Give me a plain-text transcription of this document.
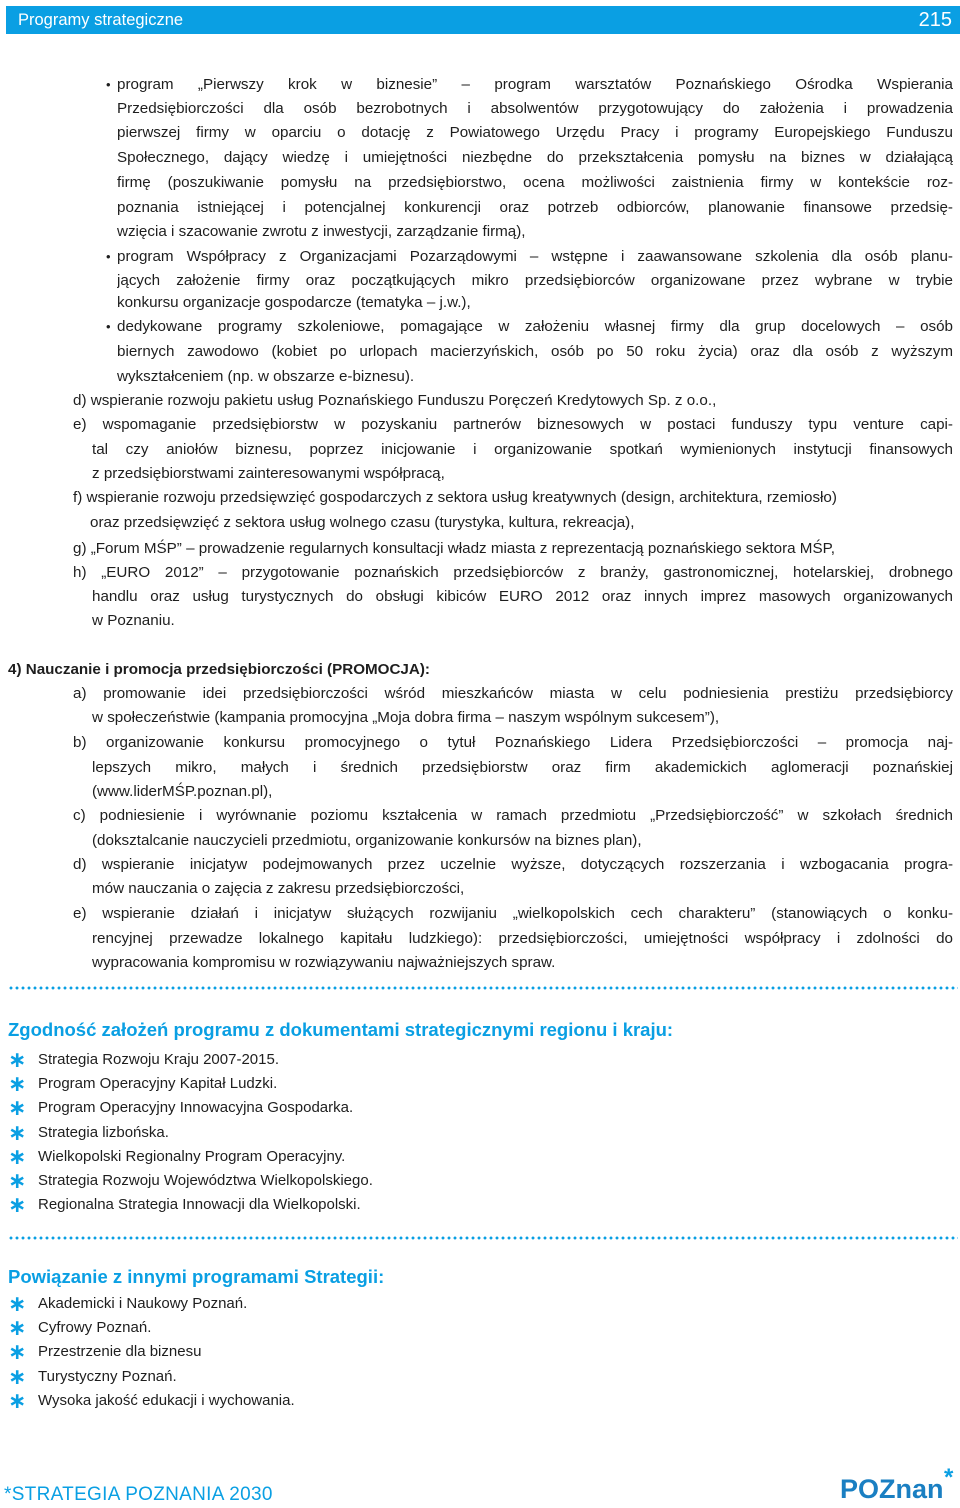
Programy strategiczne	215
•
•
•
program „Pierwszy krok w biznesie” – program warsztatów Poznańskiego Ośrodka Wspierania
Przedsiębiorczości dla osób bezrobotnych i absolwentów przygotowujący do założenia i prowadzenia
pierwszej firmy w oparciu o dotację z Powiatowego Urzędu Pracy i programy Europejskiego Funduszu
Społecznego, dający wiedzę i umiejętności niezbędne do przekształcenia pomysłu na biznes w działającą
firmę (poszukiwanie pomysłu na przedsiębiorstwo, ocena możliwości zaistnienia firmy w kontekście roz-
poznania istniejącej i potencjalnej konkurencji oraz potrzeb odbiorców, planowanie finansowe przedsię-
wzięcia i szacowanie zwrotu z inwestycji, zarządzanie firmą),
program Współpracy z Organizacjami Pozarządowymi – wstępne i zaawansowane szkolenia dla osób planu-
jących założenie firmy oraz początkujących mikro przedsiębiorców organizowane przez wybrane w trybie
konkursu organizacje gospodarcze (tematyka – j.w.),
dedykowane programy szkoleniowe, pomagające w założeniu własnej firmy dla grup docelowych – osób
biernych zawodowo (kobiet po urlopach macierzyńskich, osób po 50 roku życia) oraz dla osób z wyższym
wykształceniem (np. w obszarze e-biznesu).
d) wspieranie rozwoju pakietu usług Poznańskiego Funduszu Poręczeń Kredytowych Sp. z o.o.,
e) wspomaganie przedsiębiorstw w pozyskaniu partnerów biznesowych w postaci funduszy typu venture capi-
tal czy aniołów biznesu, poprzez inicjowanie i organizowanie spotkań wymienionych instytucji finansowych
z przedsiębiorstwami zainteresowanymi współpracą,
f) wspieranie rozwoju przedsięwzięć gospodarczych z sektora usług kreatywnych (design, architektura, rzemiosło)
oraz przedsięwzięć z sektora usług wolnego czasu (turystyka, kultura, rekreacja),
g) „Forum MŚP” – prowadzenie regularnych konsultacji władz miasta z reprezentacją poznańskiego sektora MŚP,
h) „EURO 2012” – przygotowanie poznańskich przedsiębiorców z branży, gastronomicznej, hotelarskiej, drobnego
handlu oraz usług turystycznych do obsługi kibiców EURO 2012 oraz innych imprez masowych organizowanych
w Poznaniu.
4) Nauczanie i promocja przedsiębiorczości (PROMOCJA):
a) promowanie idei przedsiębiorczości wśród mieszkańców miasta w celu podniesienia prestiżu przedsiębiorcy
w społeczeństwie (kampania promocyjna „Moja dobra firma – naszym wspólnym sukcesem”),
b) organizowanie konkursu promocyjnego o tytuł Poznańskiego Lidera Przedsiębiorczości – promocja naj-
lepszych mikro, małych i średnich przedsiębiorstw oraz firm akademickich aglomeracji poznańskiej
(www.liderMŚP.poznan.pl),
c) podniesienie i wyrównanie poziomu kształcenia w ramach przedmiotu „Przedsiębiorczość” w szkołach średnich
(doksztalcanie nauczycieli przedmiotu, organizowanie konkursów na biznes plan),
d) wspieranie inicjatyw podejmowanych przez uczelnie wyższe, dotyczących rozszerzania i wzbogacania progra-
mów nauczania o zajęcia z zakresu przedsiębiorczości,
e) wspieranie działań i inicjatyw służących rozwijaniu „wielkopolskich cech charakteru” (stanowiących o konku-
rencyjnej przewadze lokalnego kapitału ludzkiego): przedsiębiorczości, umiejętności współpracy i zdolności do
wypracowania kompromisu w rozwiązywaniu najważniejszych spraw.
Zgodność założeń programu z dokumentami strategicznymi regionu i kraju:
∗ Strategia Rozwoju Kraju 2007-2015.
∗ Program Operacyjny Kapitał Ludzki.
∗ Program Operacyjny Innowacyjna Gospodarka.
∗ Strategia lizbońska.
∗ Wielkopolski Regionalny Program Operacyjny.
∗ Strategia Rozwoju Województwa Wielkopolskiego.
∗ Regionalna Strategia Innowacji dla Wielkopolski.
Powiązanie z innymi programami Strategii:
∗ Akademicki i Naukowy Poznań.
∗ Cyfrowy Poznań.
∗ Przestrzenie dla biznesu
∗ Turystyczny Poznań.
∗ Wysoka jakość edukacji i wychowania.
*STRATEGIA POZNANIA 2030	POZnan *
